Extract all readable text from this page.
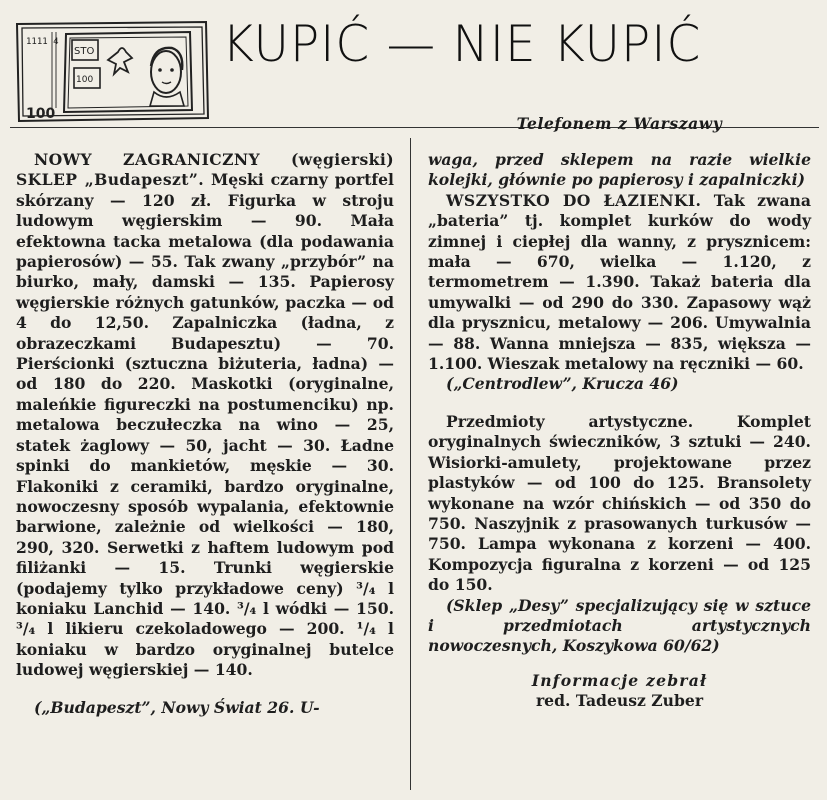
1111 4
STO
100
100
KUPIĆ — NIE KUPIĆ
Telefonem z Warszawy

NOWY ZAGRANICZNY (węgierski) SKLEP „Budapeszt”. Męski czarny portfel skórzany — 120 zł. Figurka w stroju ludowym węgierskim — 90. Mała efektowna tacka metalowa (dla podawania papierosów) — 55. Tak zwany „przybór” na biurko, mały, damski — 135. Papierosy węgierskie różnych gatunków, paczka — od 4 do 12,50. Zapalniczka (ładna, z obrazeczkami Budapesztu) — 70. Pierścionki (sztuczna biżuteria, ładna) — od 180 do 220. Maskotki (oryginalne, maleńkie figureczki na postumenciku) np. metalowa beczułeczka na wino — 25, statek żaglowy — 50, jacht — 30. Ładne spinki do mankietów, męskie — 30. Flakoniki z ceramiki, bardzo oryginalne, nowoczesny sposób wypalania, efektownie barwione, zależnie od wielkości — 180, 290, 320. Serwetki z haftem ludowym pod filiżanki — 15. Trunki węgierskie (podajemy tylko przykładowe ceny) ³/₄ l koniaku Lanchid — 140. ³/₄ l wódki — 150. ³/₄ l likieru czekoladowego — 200. ¹/₄ l koniaku w bardzo oryginalnej butelce ludowej węgierskiej — 140.

(„Budapeszt”, Nowy Świat 26. U-

waga, przed sklepem na razie wielkie kolejki, głównie po papierosy i zapalniczki)

WSZYSTKO DO ŁAZIENKI. Tak zwana „bateria” tj. komplet kurków do wody zimnej i ciepłej dla wanny, z prysznicem: mała — 670, wielka — 1.120, z termometrem — 1.390. Takaż bateria dla umywalki — od 290 do 330. Zapasowy wąż dla prysznicu, metalowy — 206. Umywalnia — 88. Wanna mniejsza — 835, większa — 1.100. Wieszak metalowy na ręczniki — 60.

(„Centrodlew”, Krucza 46)

Przedmioty artystyczne.	Komplet oryginalnych świeczników, 3 sztuki — 240. Wisiorki-amulety, projektowane przez plastyków — od 100 do 125. Bransolety wykonane na wzór chińskich — od 350 do 750. Naszyjnik z prasowanych turkusów — 750. Lampa wykonana z korzeni — 400. Kompozycja figuralna z korzeni — od 125 do 150.

(Sklep „Desy” specjalizujący się w sztuce i przedmiotach artystycznych nowoczesnych, Koszykowa 60/62)

Informacje zebrał
red. Tadeusz Zuber
